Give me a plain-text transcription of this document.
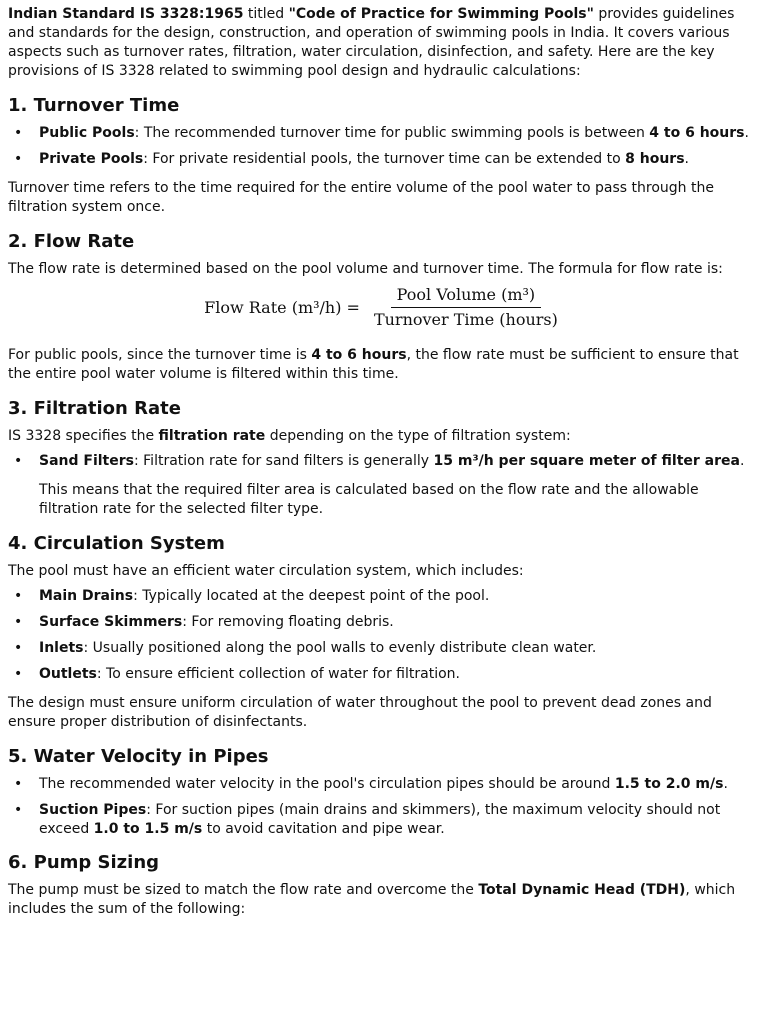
Indian Standard IS 3328:1965 titled "Code of Practice for Swimming Pools" provides guidelines and standards for the design, construction, and operation of swimming pools in India. It covers various aspects such as turnover rates, filtration, water circulation, disinfection, and safety. Here are the key provisions of IS 3328 related to swimming pool design and hydraulic calculations:

1. Turnover Time
• Public Pools: The recommended turnover time for public swimming pools is between 4 to 6 hours.
• Private Pools: For private residential pools, the turnover time can be extended to 8 hours.

Turnover time refers to the time required for the entire volume of the pool water to pass through the filtration system once.

2. Flow Rate

The flow rate is determined based on the pool volume and turnover time. The formula for flow rate is:

Flow Rate $(m^3/h) = \frac{\text{Pool Volume (m³)}}{\text{Turnover Time (hours)}}$

For public pools, since the turnover time is 4 to 6 hours, the flow rate must be sufficient to ensure that the entire pool water volume is filtered within this time.

3. Filtration Rate

IS 3328 specifies the filtration rate depending on the type of filtration system:

• Sand Filters: Filtration rate for sand filters is generally 15 m³/h per square meter of filter area.

This means that the required filter area is calculated based on the flow rate and the allowable filtration rate for the selected filter type.

4. Circulation System

The pool must have an efficient water circulation system, which includes:

• Main Drains: Typically located at the deepest point of the pool.
• Surface Skimmers: For removing floating debris.
• Inlets: Usually positioned along the pool walls to evenly distribute clean water.
• Outlets: To ensure efficient collection of water for filtration.

The design must ensure uniform circulation of water throughout the pool to prevent dead zones and ensure proper distribution of disinfectants.

5. Water Velocity in Pipes
• The recommended water velocity in the pool's circulation pipes should be around 1.5 to 2.0 m/s.
• Suction Pipes: For suction pipes (main drains and skimmers), the maximum velocity should not exceed 1.0 to 1.5 m/s to avoid cavitation and pipe wear.
6. Pump Sizing

The pump must be sized to match the flow rate and overcome the Total Dynamic Head (TDH), which includes the sum of the following:
